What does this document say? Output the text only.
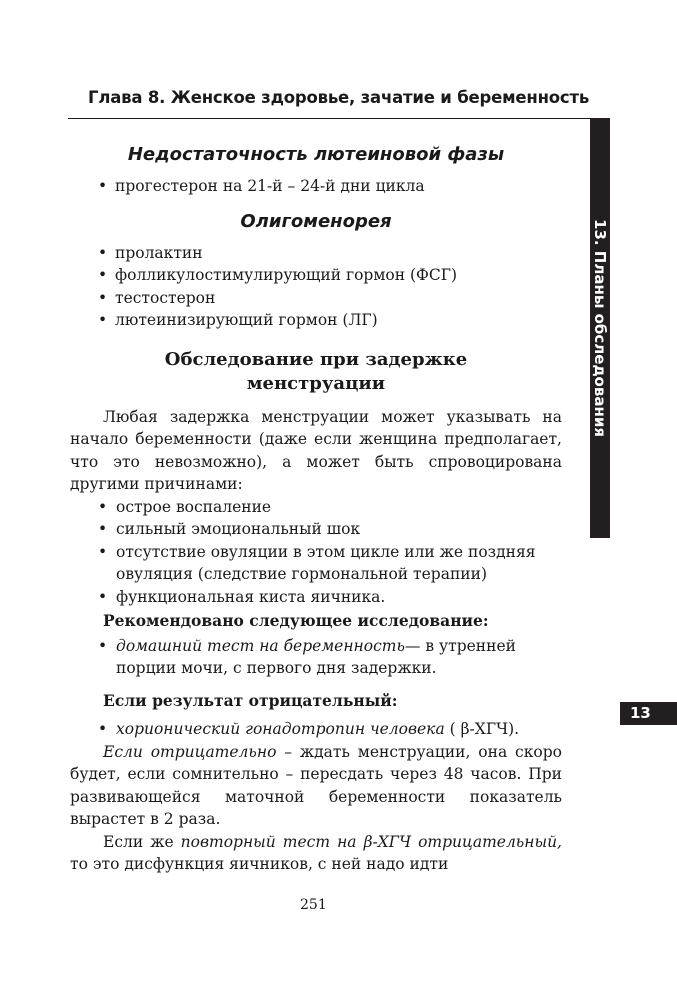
Глава 8. Женское здоровье, зачатие и беременность
13. Планы обследования
13
Недостаточность лютеиновой фазы
• прогестерон на 21-й – 24-й дни цикла
Олигоменорея
• пролактин
• фолликулостимулирующий гормон (ФСГ)
• тестостерон
• лютеинизирующий гормон (ЛГ)
Обследование при задержке
менструации

Любая задержка менструации может указывать на начало беременности (даже если женщина предполагает, что это невозможно), а может быть спровоцирована другими причинами:

• острое воспаление
• сильный эмоциональный шок
• отсутствие овуляции в этом цикле или же поздняя овуляция (следствие гормональной терапии)
• функциональная киста яичника.
Рекомендовано следующее исследование:
• домашний тест на беременность— в утренней порции мочи, с первого дня задержки.
Если результат отрицательный:
• хорионический гонадотропин человека ( β-ХГЧ).

Если отрицательно – ждать менструации, она скоро будет, если сомнительно – пересдать через 48 часов. При развивающейся маточной беременности показатель вырастет в 2 раза.

Если же повторный тест на β-ХГЧ отрицательный, то это дисфункция яичников, с ней надо идти

251
